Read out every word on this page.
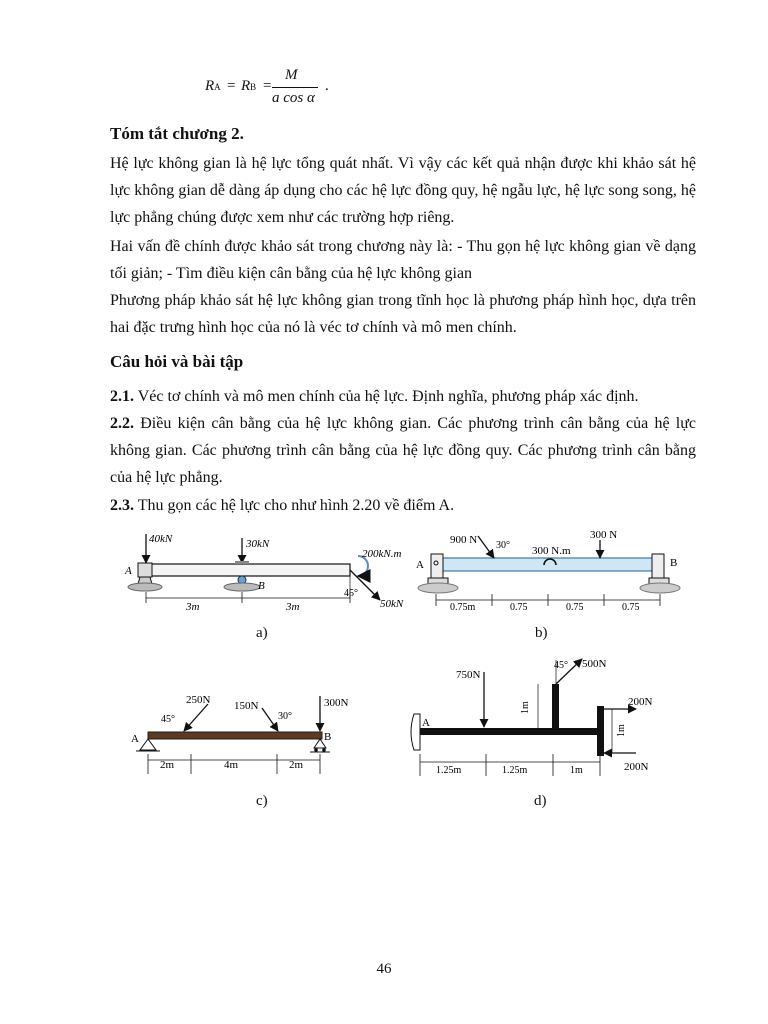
RA = RB =
M
a cos α
.
Tóm tắt chương 2.

Hệ lực không gian là hệ lực tổng quát nhất. Vì vậy các kết quả nhận được khi khảo sát hệ lực không gian dễ dàng áp dụng cho các hệ lực đồng quy, hệ ngẫu lực, hệ lực song song, hệ lực phẳng chúng được xem như các trường hợp riêng.

Hai vấn đề chính được khảo sát trong chương này là: - Thu gọn hệ lực không gian về dạng tối giản; - Tìm điều kiện cân bằng của hệ lực không gian

Phương pháp khảo sát hệ lực không gian trong tĩnh học là phương pháp hình học, dựa trên hai đặc trưng hình học của nó là véc tơ chính và mô men chính.

Câu hỏi và bài tập

2.1. Véc tơ chính và mô men chính của hệ lực. Định nghĩa, phương pháp xác định.

2.2. Điều kiện cân bằng của hệ lực không gian. Các phương trình cân bằng của hệ lực không gian. Các phương trình cân bằng của hệ lực đồng quy. Các phương trình cân bằng của hệ lực phẳng.

2.3. Thu gọn các hệ lực cho như hình 2.20 về điểm A.

40kN	30kN
200kN.m
45°
50kN
A
B
3m	3m
a)
900 N 30° 300 N.m
300 N
A	B
0.75m	0.75	0.75	0.75
b)
250N
45°
150N
30°
300N
A	B
2m	4m	2m
c)
750N
45° 500N
200N
200N
1m
1m
A
1.25m	1.25m	1m
d)
46
